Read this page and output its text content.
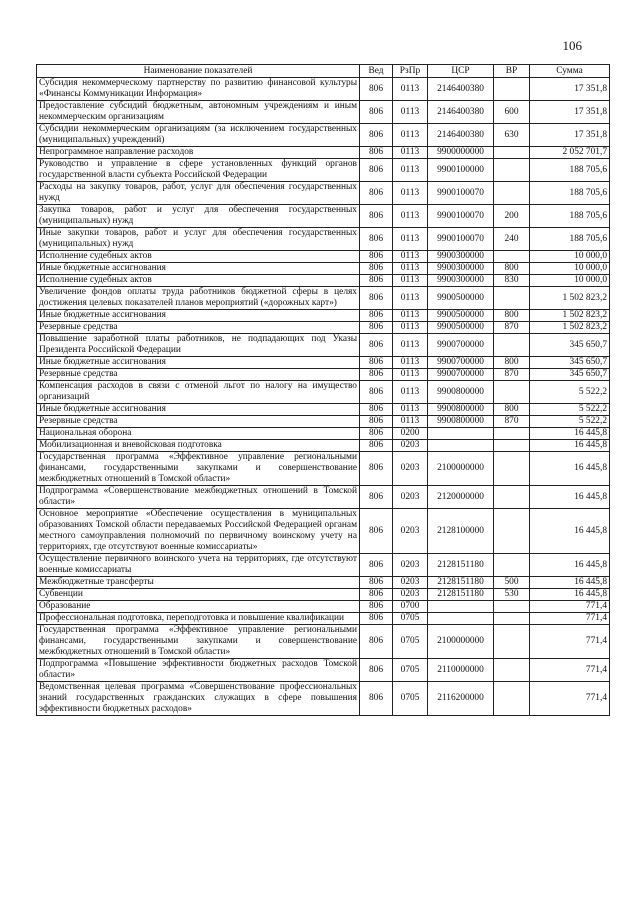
106
Наименование показателей	Вед	РзПр	ЦСР	ВР	Сумма
Субсидия некоммерческому партнерству по развитию финансовой культуры «Финансы Коммуникации Информация»	806	0113	2146400380		17 351,8
Предоставление субсидий бюджетным, автономным учреждениям и иным некоммерческим организациям	806	0113	2146400380	600	17 351,8
Субсидии некоммерческим организациям (за исключением государственных (муниципальных) учреждений)	806	0113	2146400380	630	17 351,8
Непрограммное направление расходов	806	0113	9900000000		2 052 701,7
Руководство и управление в сфере установленных функций органов государственной власти субъекта Российской Федерации	806	0113	9900100000		188 705,6
Расходы на закупку товаров, работ, услуг для обеспечения государственных нужд	806	0113	9900100070		188 705,6
Закупка товаров, работ и услуг для обеспечения государственных (муниципальных) нужд	806	0113	9900100070	200	188 705,6
Иные закупки товаров, работ и услуг для обеспечения государственных (муниципальных) нужд	806	0113	9900100070	240	188 705,6
Исполнение судебных актов	806	0113	9900300000		10 000,0
Иные бюджетные ассигнования	806	0113	9900300000	800	10 000,0
Исполнение судебных актов	806	0113	9900300000	830	10 000,0
Увеличение фондов оплаты труда работников бюджетной сферы в целях достижения целевых показателей планов мероприятий («дорожных карт»)	806	0113	9900500000		1 502 823,2
Иные бюджетные ассигнования	806	0113	9900500000	800	1 502 823,2
Резервные средства	806	0113	9900500000	870	1 502 823,2
Повышение заработной платы работников, не подпадающих под Указы Президента Российской Федерации	806	0113	9900700000		345 650,7
Иные бюджетные ассигнования	806	0113	9900700000	800	345 650,7
Резервные средства	806	0113	9900700000	870	345 650,7
Компенсация расходов в связи с отменой льгот по налогу на имущество организаций	806	0113	9900800000		5 522,2
Иные бюджетные ассигнования	806	0113	9900800000	800	5 522,2
Резервные средства	806	0113	9900800000	870	5 522,2
Национальная оборона	806	0200			16 445,8
Мобилизационная и вневойсковая подготовка	806	0203			16 445,8
Государственная программа «Эффективное управление региональными финансами, государственными закупками и совершенствование межбюджетных отношений в Томской области»	806	0203	2100000000		16 445,8
Подпрограмма «Совершенствование межбюджетных отношений в Томской области»	806	0203	2120000000		16 445,8
Основное мероприятие «Обеспечение осуществления в муниципальных образованиях Томской области передаваемых Российской Федерацией органам местного самоуправления полномочий по первичному воинскому учету на территориях, где отсутствуют военные комиссариаты»	806	0203	2128100000		16 445,8
Осуществление первичного воинского учета на территориях, где отсутствуют военные комиссариаты	806	0203	2128151180		16 445,8
Межбюджетные трансферты	806	0203	2128151180	500	16 445,8
Субвенции	806	0203	2128151180	530	16 445,8
Образование	806	0700			771,4
Профессиональная подготовка, переподготовка и повышение квалификации	806	0705			771,4
Государственная программа «Эффективное управление региональными финансами, государственными закупками и совершенствование межбюджетных отношений в Томской области»	806	0705	2100000000		771,4
Подпрограмма «Повышение эффективности бюджетных расходов Томской области»	806	0705	2110000000		771,4
Ведомственная целевая программа «Совершенствование профессиональных знаний государственных гражданских служащих в сфере повышения эффективности бюджетных расходов»	806	0705	2116200000		771,4
